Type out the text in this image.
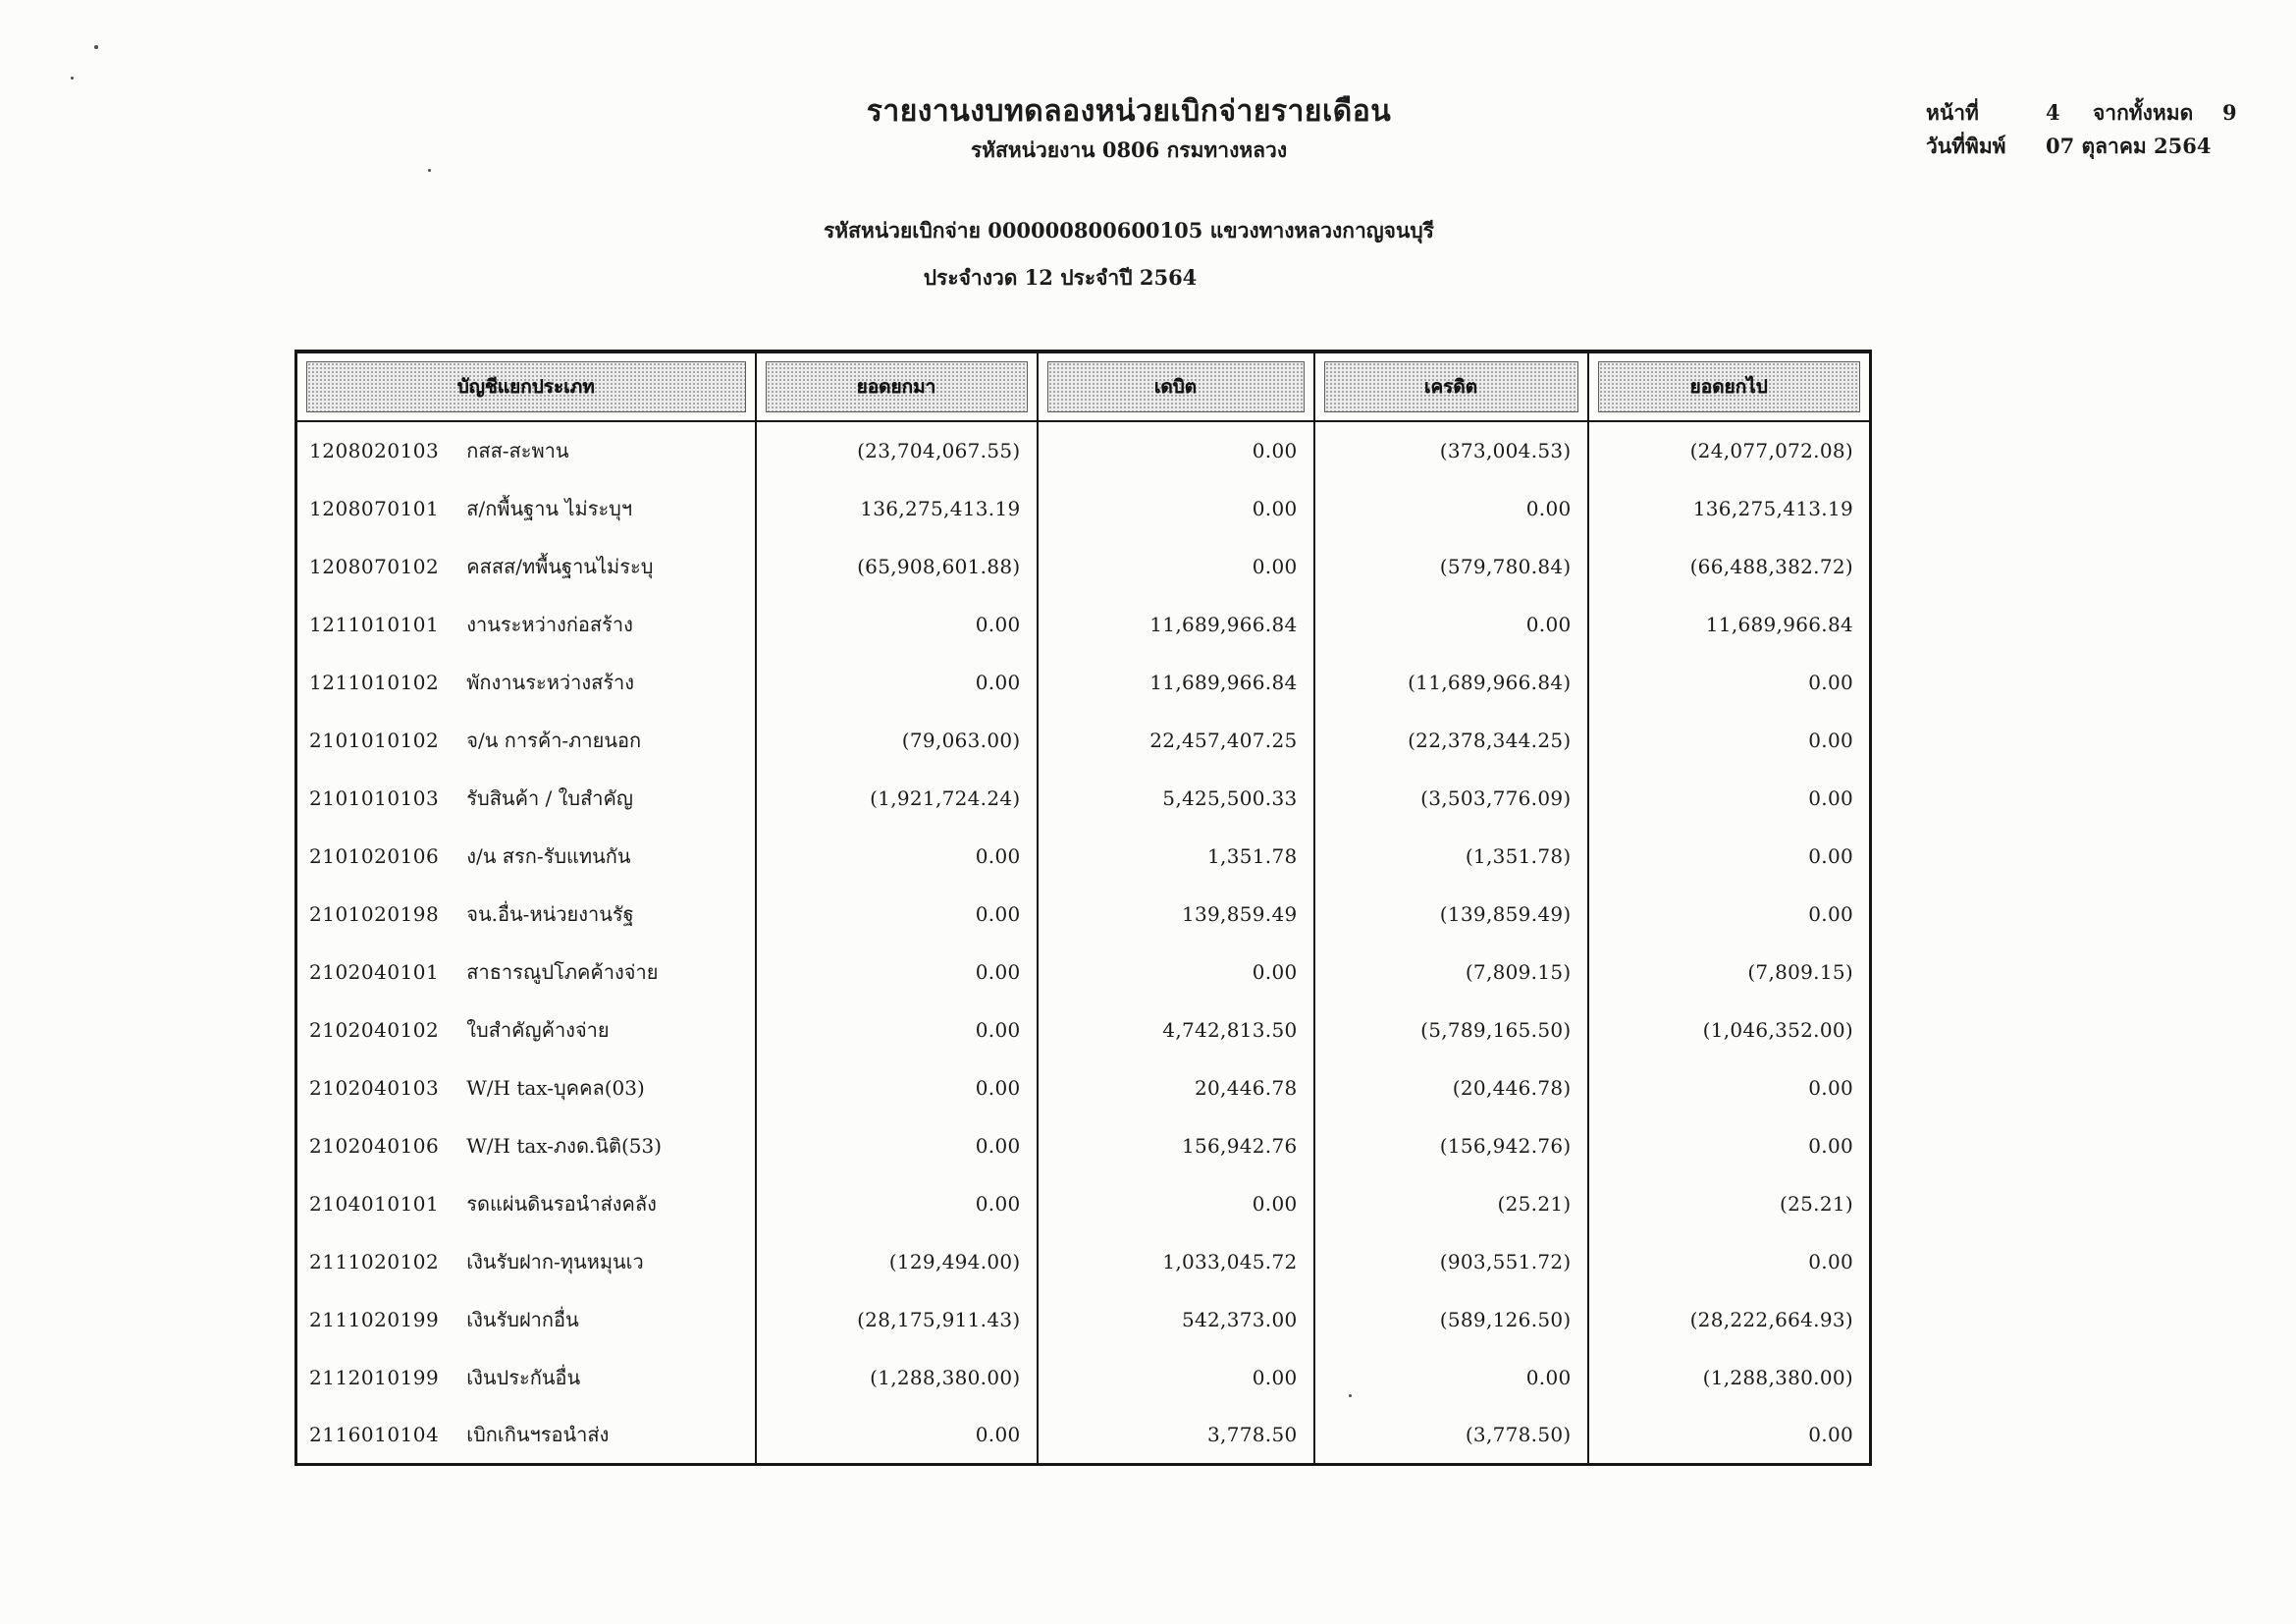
รายงานงบทดลองหน่วยเบิกจ่ายรายเดือน
รหัสหน่วยงาน 0806 กรมทางหลวง
รหัสหน่วยเบิกจ่าย 000000800600105 แขวงทางหลวงกาญจนบุรี
ประจำงวด 12 ประจำปี 2564
หน้าที่	4	จากทั้งหมด	9
วันที่พิมพ์	07 ตุลาคม 2564
บัญชีแยกประเภท	ยอดยกมา	เดบิต	เครดิต	ยอดยกไป

1208020103 กสส-สะพาน	(23,704,067.55)	0.00	(373,004.53)	(24,077,072.08)

1208070101 ส/กพื้นฐาน ไม่ระบุฯ	136,275,413.19	0.00	0.00	136,275,413.19

1208070102 คสสส/ทพื้นฐานไม่ระบุ	(65,908,601.88)	0.00	(579,780.84)	(66,488,382.72)

1211010101 งานระหว่างก่อสร้าง	0.00	11,689,966.84	0.00	11,689,966.84

1211010102 พักงานระหว่างสร้าง	0.00	11,689,966.84	(11,689,966.84)	0.00

2101010102 จ/น การค้า-ภายนอก	(79,063.00)	22,457,407.25	(22,378,344.25)	0.00

2101010103 รับสินค้า / ใบสำคัญ	(1,921,724.24)	5,425,500.33	(3,503,776.09)	0.00

2101020106 ง/น สรก-รับแทนกัน	0.00	1,351.78	(1,351.78)	0.00

2101020198 จน.อื่น-หน่วยงานรัฐ	0.00	139,859.49	(139,859.49)	0.00

2102040101 สาธารณูปโภคค้างจ่าย	0.00	0.00	(7,809.15)	(7,809.15)

2102040102 ใบสำคัญค้างจ่าย	0.00	4,742,813.50	(5,789,165.50)	(1,046,352.00)

2102040103 W/H tax-บุคคล(03)	0.00	20,446.78	(20,446.78)	0.00

2102040106 W/H tax-ภงด.นิติ(53)	0.00	156,942.76	(156,942.76)	0.00

2104010101 รดแผ่นดินรอนำส่งคลัง	0.00	0.00	(25.21)	(25.21)

2111020102 เงินรับฝาก-ทุนหมุนเว	(129,494.00)	1,033,045.72	(903,551.72)	0.00

2111020199 เงินรับฝากอื่น	(28,175,911.43)	542,373.00	(589,126.50)	(28,222,664.93)

2112010199 เงินประกันอื่น	(1,288,380.00)	0.00	0.00	(1,288,380.00)

2116010104 เบิกเกินฯรอนำส่ง	0.00	3,778.50	(3,778.50)	0.00
